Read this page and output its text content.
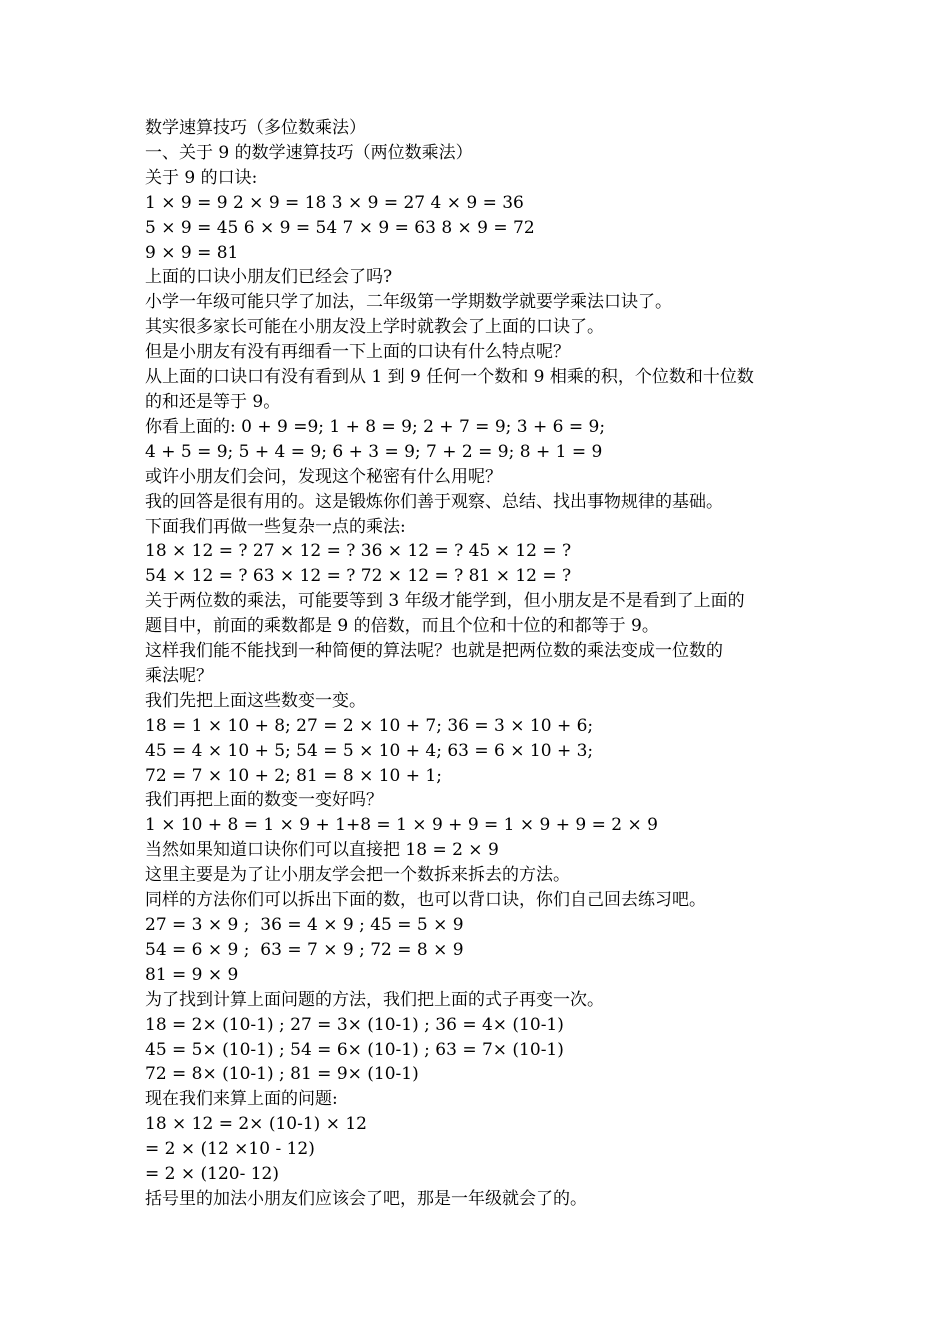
数学速算技巧（多位数乘法）

一、关于 9 的数学速算技巧（两位数乘法）

关于 9 的口诀:

1 × 9 = 9 2 × 9 = 18 3 × 9 = 27 4 × 9 = 36

5 × 9 = 45 6 × 9 = 54 7 × 9 = 63 8 × 9 = 72

9 × 9 = 81

上面的口诀小朋友们已经会了吗?

小学一年级可能只学了加法，二年级第一学期数学就要学乘法口诀了。

其实很多家长可能在小朋友没上学时就教会了上面的口诀了。

但是小朋友有没有再细看一下上面的口诀有什么特点呢？

从上面的口诀口有没有看到从 1 到 9 任何一个数和 9 相乘的积，个位数和十位数

的和还是等于 9。

你看上面的: 0 + 9 =9; 1 + 8 = 9; 2 + 7 = 9; 3 + 6 = 9;

4 + 5 = 9; 5 + 4 = 9; 6 + 3 = 9; 7 + 2 = 9; 8 + 1 = 9

或许小朋友们会问，发现这个秘密有什么用呢？

我的回答是很有用的。这是锻炼你们善于观察、总结、找出事物规律的基础。

下面我们再做一些复杂一点的乘法:

18 × 12 = ? 27 × 12 = ? 36 × 12 = ? 45 × 12 = ?

54 × 12 = ? 63 × 12 = ? 72 × 12 = ? 81 × 12 = ?

关于两位数的乘法，可能要等到 3 年级才能学到，但小朋友是不是看到了上面的

题目中，前面的乘数都是 9 的倍数，而且个位和十位的和都等于 9。

这样我们能不能找到一种简便的算法呢？也就是把两位数的乘法变成一位数的

乘法呢？

我们先把上面这些数变一变。

18 = 1 × 10 + 8; 27 = 2 × 10 + 7; 36 = 3 × 10 + 6;

45 = 4 × 10 + 5; 54 = 5 × 10 + 4; 63 = 6 × 10 + 3;

72 = 7 × 10 + 2; 81 = 8 × 10 + 1;

我们再把上面的数变一变好吗？

1 × 10 + 8 = 1 × 9 + 1+8 = 1 × 9 + 9 = 1 × 9 + 9 = 2 × 9

当然如果知道口诀你们可以直接把 18 = 2 × 9

这里主要是为了让小朋友学会把一个数拆来拆去的方法。

同样的方法你们可以拆出下面的数，也可以背口诀，你们自己回去练习吧。

27 = 3 × 9 ;  36 = 4 × 9 ; 45 = 5 × 9

54 = 6 × 9 ;  63 = 7 × 9 ; 72 = 8 × 9

81 = 9 × 9

为了找到计算上面问题的方法，我们把上面的式子再变一次。

18 = 2× (10-1) ; 27 = 3× (10-1) ; 36 = 4× (10-1)

45 = 5× (10-1) ; 54 = 6× (10-1) ; 63 = 7× (10-1)

72 = 8× (10-1) ; 81 = 9× (10-1)

现在我们来算上面的问题:

18 × 12 = 2× (10-1) × 12

= 2 × (12 ×10 - 12)

= 2 × (120- 12)

括号里的加法小朋友们应该会了吧，那是一年级就会了的。
